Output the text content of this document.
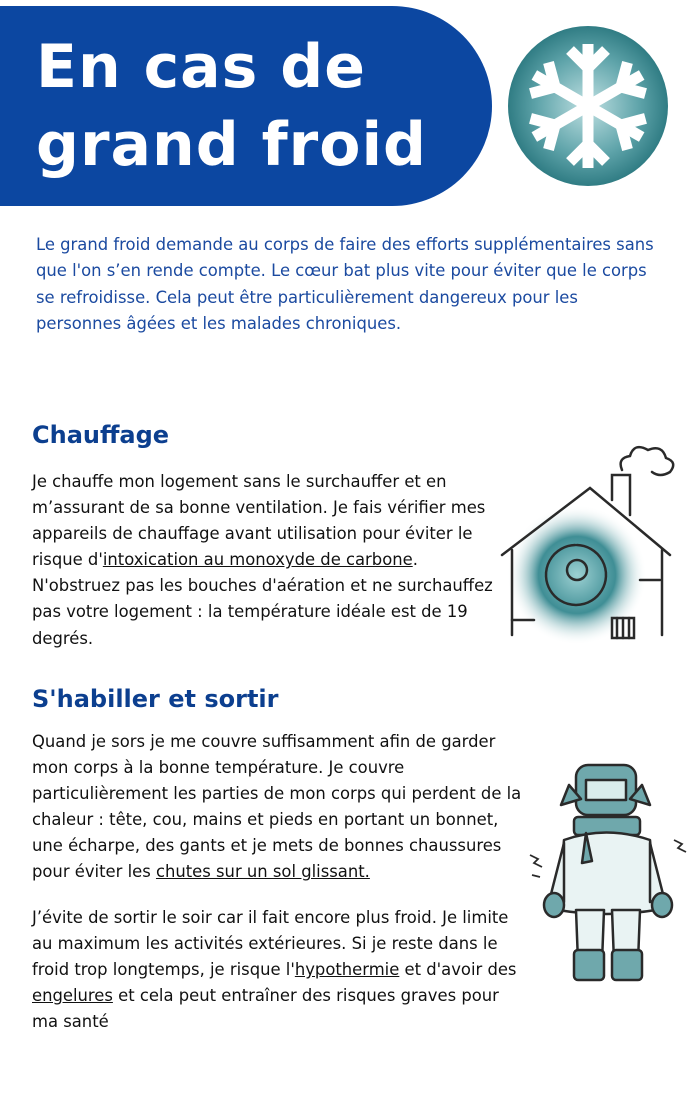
En cas de
grand froid

Le grand froid demande au corps de faire des efforts supplémentaires sans que l'on s’en rende compte. Le cœur bat plus vite pour éviter que le corps se refroidisse. Cela peut être particulièrement dangereux pour les personnes âgées et les malades chroniques.

Chauffage

Je chauffe mon logement sans le surchauffer et en m’assurant de sa bonne ventilation. Je fais vérifier mes appareils de chauffage avant utilisation pour éviter le risque d'intoxication au monoxyde de carbone. N'obstruez pas les bouches d'aération et ne surchauffez pas votre logement : la température idéale est de 19 degrés.

S'habiller et sortir

Quand je sors je me couvre suffisamment afin de garder mon corps à la bonne température. Je couvre particulièrement les parties de mon corps qui perdent de la chaleur : tête, cou, mains et pieds en portant un bonnet, une écharpe, des gants et je mets de bonnes chaussures pour éviter les chutes sur un sol glissant.

J’évite de sortir le soir car il fait encore plus froid. Je limite au maximum les activités extérieures. Si je reste dans le froid trop longtemps, je risque l'hypothermie et d'avoir des engelures et cela peut entraîner des risques graves pour ma santé
